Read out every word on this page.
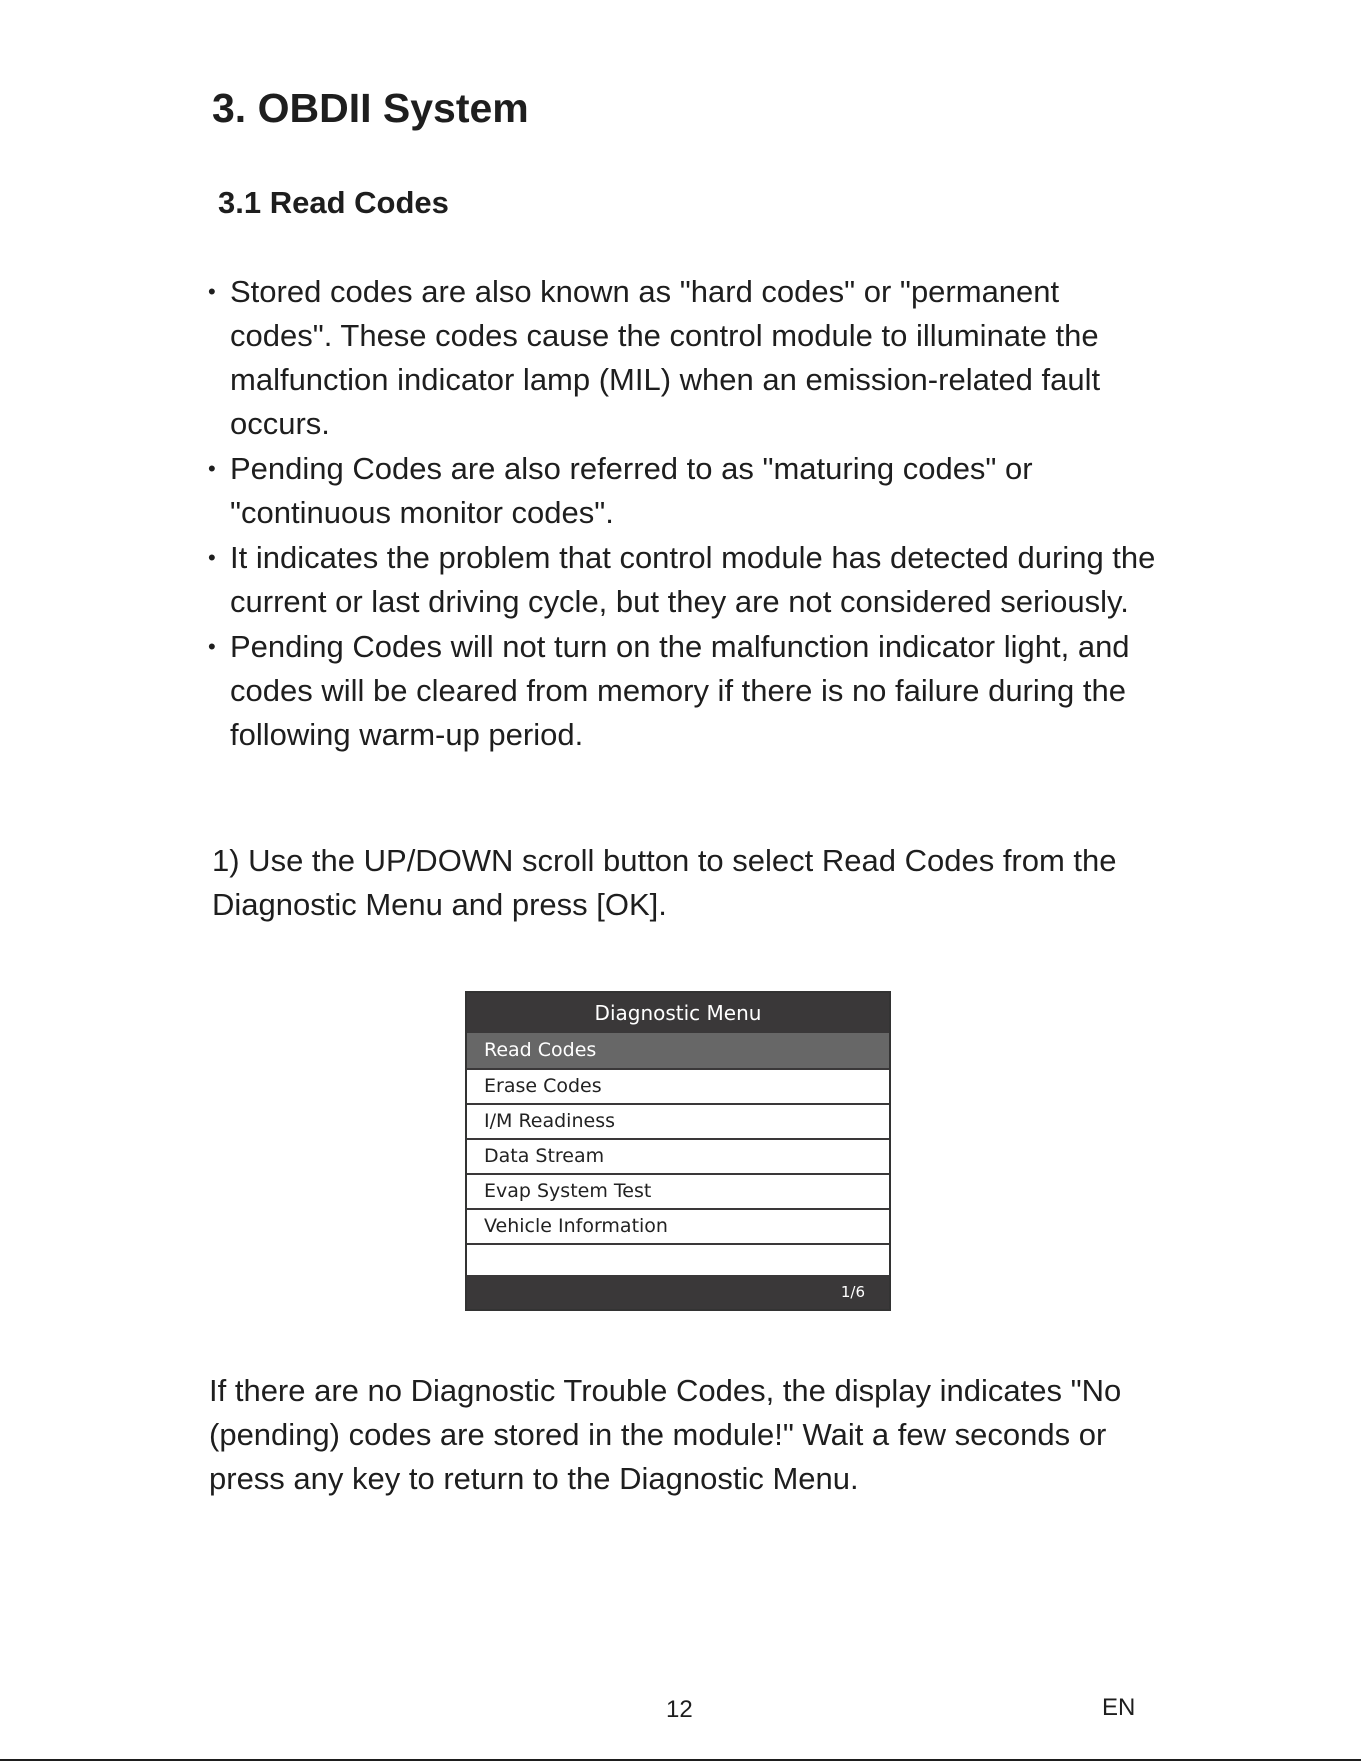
3. OBDII System
3.1 Read Codes
• Stored codes are also known as "hard codes" or "permanent codes". These codes cause the control module to illuminate the malfunction indicator lamp (MIL) when an emission-related fault occurs.
• Pending Codes are also referred to as "maturing codes" or "continuous monitor codes".
• It indicates the problem that control module has detected during the current or last driving cycle, but they are not considered seriously.
• Pending Codes will not turn on the malfunction indicator light, and codes will be cleared from memory if there is no failure during the following warm-up period.

1) Use the UP/DOWN scroll button to select Read Codes from the Diagnostic Menu and press [OK].

Diagnostic Menu
Read Codes
Erase Codes
I/M Readiness
Data Stream
Evap System Test
Vehicle Information
1/6

If there are no Diagnostic Trouble Codes, the display indicates "No (pending) codes are stored in the module!" Wait a few seconds or press any key to return to the Diagnostic Menu.

12	EN
